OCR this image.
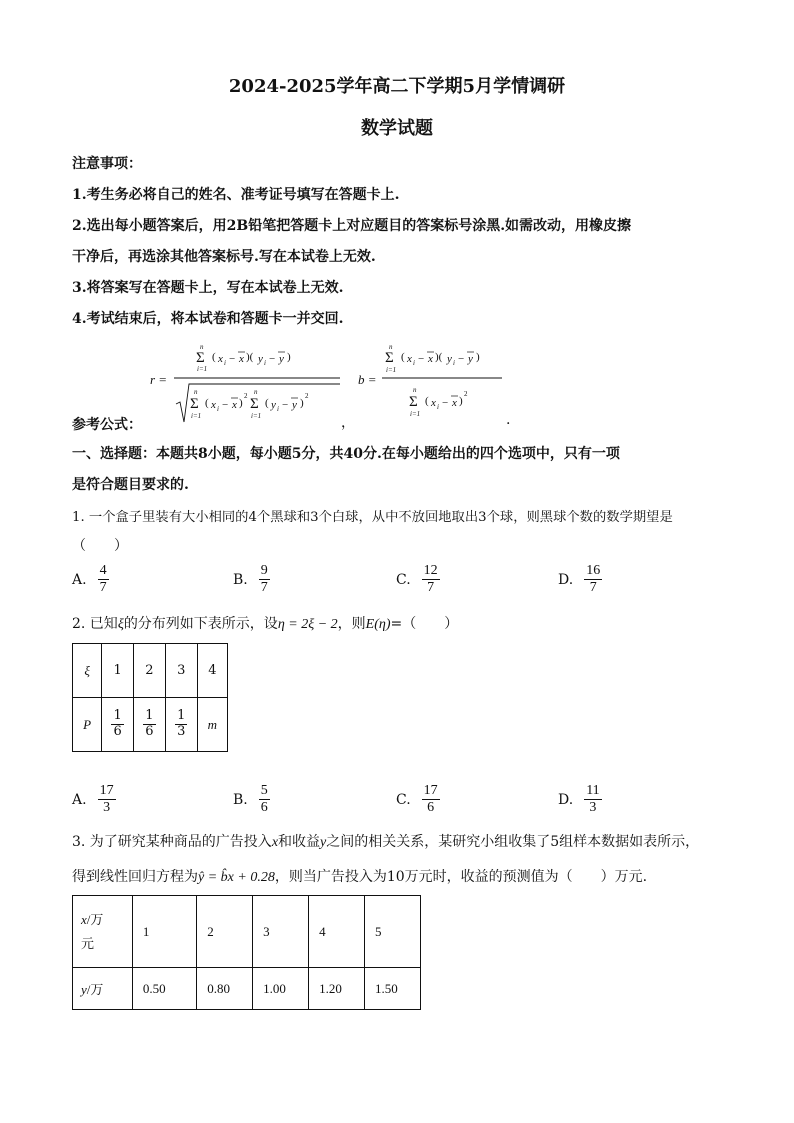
2024-2025学年高二下学期5月学情调研
数学试题
注意事项：
1.考生务必将自己的姓名、准考证号填写在答题卡上.
2.选出每小题答案后，用2B铅笔把答题卡上对应题目的答案标号涂黑.如需改动，用橡皮擦
干净后，再选涂其他答案标号.写在本试卷上无效.
3.将答案写在答题卡上，写在本试卷上无效.
4.考试结束后，将本试卷和答题卡一并交回.
参考公式：
r =
n
Σ
i=1
( x i − x )( y i − y )
n
Σ
i=1
( x i − x )
2 n
Σ
i=1
( y i − y )
2
，
b =
n
Σ
i=1
( x i − x )( y i − y )
n
Σ
i=1
( x i − x )
2
.
一、选择题：本题共8小题，每小题5分，共40分.在每小题给出的四个选项中，只有一项
是符合题目要求的.
1. 一个盒子里装有大小相同的4个黑球和3个白球，从中不放回地取出3个球，则黑球个数的数学期望是
（　　）
A. $\frac{4}{7}$	B. $\frac{9}{7}$	C. $\frac{12}{7}$	D. $\frac{16}{7}$
2. 已知ξ的分布列如下表所示，设η = 2ξ − 2，则E(η)=（　　）
ξ	1	2	3	4
P	$\frac{1}{6}$	$\frac{1}{6}$	$\frac{1}{3}$	m
A. $\frac{17}{3}$	B. $\frac{5}{6}$	C. $\frac{17}{6}$	D. $\frac{11}{3}$
3. 为了研究某种商品的广告投入x和收益y之间的相关关系，某研究小组收集了5组样本数据如表所示，
得到线性回归方程为ŷ = b̂x + 0.28，则当广告投入为10万元时，收益的预测值为（　　）万元.
x/万
元	1	2	3	4	5
y/万	0.50	0.80	1.00	1.20	1.50
